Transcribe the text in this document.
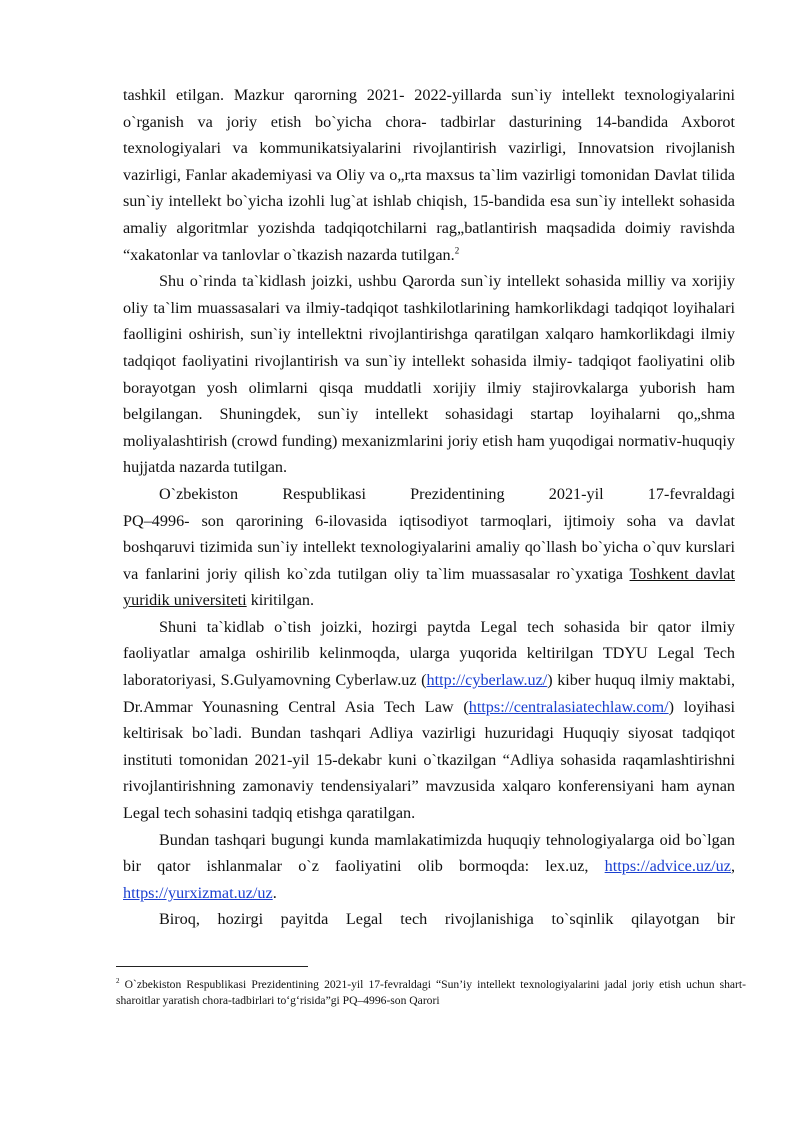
tashkil etilgan. Mazkur qarorning 2021- 2022-yillarda sun`iy intellekt texnologiyalarini o`rganish va joriy etish bo`yicha chora- tadbirlar dasturining 14-bandida Axborot texnologiyalari va kommunikatsiyalarini rivojlantirish vazirligi, Innovatsion rivojlanish vazirligi, Fanlar akademiyasi va Oliy va o„rta maxsus ta`lim vazirligi tomonidan Davlat tilida sun`iy intellekt bo`yicha izohli lug`at ishlab chiqish, 15-bandida esa sun`iy intellekt sohasida amaliy algoritmlar yozishda tadqiqotchilarni rag„batlantirish maqsadida doimiy ravishda “xakatonlar va tanlovlar o`tkazish nazarda tutilgan.$^2$

Shu o`rinda ta`kidlash joizki, ushbu Qarorda sun`iy intellekt sohasida milliy va xorijiy oliy ta`lim muassasalari va ilmiy-tadqiqot tashkilotlarining hamkorlikdagi tadqiqot loyihalari faolligini oshirish, sun`iy intellektni rivojlantirishga qaratilgan xalqaro hamkorlikdagi ilmiy tadqiqot faoliyatini rivojlantirish va sun`iy intellekt sohasida ilmiy- tadqiqot faoliyatini olib borayotgan yosh olimlarni qisqa muddatli xorijiy ilmiy stajirovkalarga yuborish ham belgilangan. Shuningdek, sun`iy intellekt sohasidagi startap loyihalarni qo„shma moliyalashtirish (crowd funding) mexanizmlarini joriy etish ham yuqodigai normativ-huquqiy hujjatda nazarda tutilgan.

O`zbekiston Respublikasi Prezidentining 2021-yil 17-fevraldagi

PQ–4996- son qarorining 6-ilovasida iqtisodiyot tarmoqlari, ijtimoiy soha va davlat boshqaruvi tizimida sun`iy intellekt texnologiyalarini amaliy qo`llash bo`yicha o`quv kurslari va fanlarini joriy qilish ko`zda tutilgan oliy ta`lim muassasalar ro`yxatiga Toshkent davlat yuridik universiteti kiritilgan.

Shuni ta`kidlab o`tish joizki, hozirgi paytda Legal tech sohasida bir qator ilmiy faoliyatlar amalga oshirilib kelinmoqda, ularga yuqorida keltirilgan TDYU Legal Tech laboratoriyasi, S.Gulyamovning Cyberlaw.uz (http://cyberlaw.uz/) kiber huquq ilmiy maktabi, Dr.Ammar Younasning Central Asia Tech Law (https://centralasiatechlaw.com/) loyihasi keltirisak bo`ladi. Bundan tashqari Adliya vazirligi huzuridagi Huquqiy siyosat tadqiqot instituti tomonidan 2021-yil 15-dekabr kuni o`tkazilgan “Adliya sohasida raqamlashtirishni rivojlantirishning zamonaviy tendensiyalari” mavzusida xalqaro konferensiyani ham aynan Legal tech sohasini tadqiq etishga qaratilgan.

Bundan tashqari bugungi kunda mamlakatimizda huquqiy tehnologiyalarga oid bo`lgan bir qator ishlanmalar o`z faoliyatini olib bormoqda: lex.uz, https://advice.uz/uz, https://yurxizmat.uz/uz.

Biroq, hozirgi payitda Legal tech rivojlanishiga to`sqinlik qilayotgan bir

$^2$ O`zbekiston Respublikasi Prezidentining 2021-yil 17-fevraldagi “Sun’iy intellekt texnologiyalarini jadal joriy etish uchun shart-sharoitlar yaratish chora-tadbirlari to‘g‘risida”gi PQ–4996-son Qarori
